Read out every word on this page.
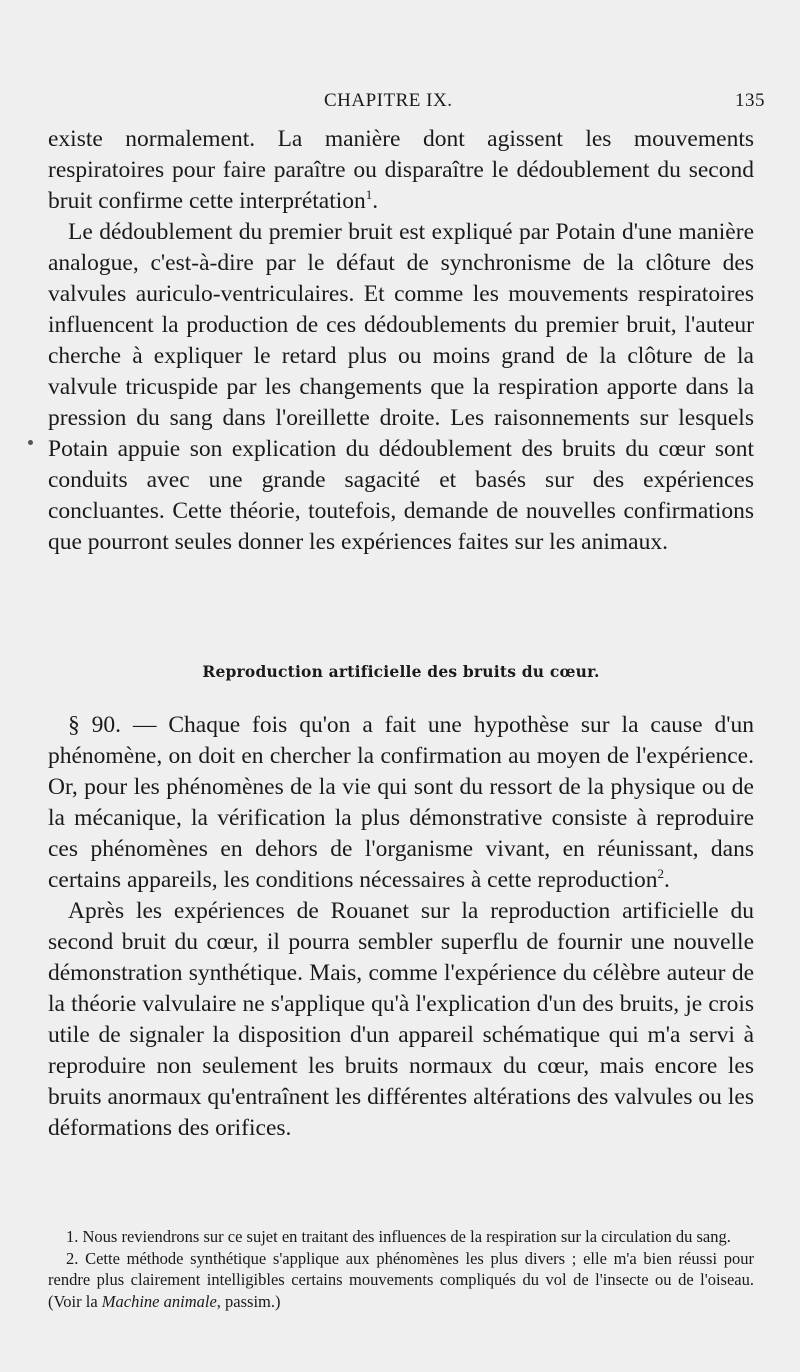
CHAPITRE IX.	135

existe normalement. La manière dont agissent les mouvements respiratoires pour faire paraître ou disparaître le dédoublement du second bruit confirme cette interprétation$^1$.

Le dédoublement du premier bruit est expliqué par Potain d'une manière analogue, c'est-à-dire par le défaut de synchronisme de la clôture des valvules auriculo-ventriculaires. Et comme les mouvements respiratoires influencent la production de ces dédoublements du premier bruit, l'auteur cherche à expliquer le retard plus ou moins grand de la clôture de la valvule tricuspide par les changements que la respiration apporte dans la pression du sang dans l'oreillette droite. Les raisonnements sur lesquels Potain appuie son explication du dédoublement des bruits du cœur sont conduits avec une grande sagacité et basés sur des expériences concluantes. Cette théorie, toutefois, demande de nouvelles confirmations que pourront seules donner les expériences faites sur les animaux.

Reproduction artificielle des bruits du cœur.

§ 90. — Chaque fois qu'on a fait une hypothèse sur la cause d'un phénomène, on doit en chercher la confirmation au moyen de l'expérience. Or, pour les phénomènes de la vie qui sont du ressort de la physique ou de la mécanique, la vérification la plus démonstrative consiste à reproduire ces phénomènes en dehors de l'organisme vivant, en réunissant, dans certains appareils, les conditions nécessaires à cette reproduction$^2$.

Après les expériences de Rouanet sur la reproduction artificielle du second bruit du cœur, il pourra sembler superflu de fournir une nouvelle démonstration synthétique. Mais, comme l'expérience du célèbre auteur de la théorie valvulaire ne s'applique qu'à l'explication d'un des bruits, je crois utile de signaler la disposition d'un appareil schématique qui m'a servi à reproduire non seulement les bruits normaux du cœur, mais encore les bruits anormaux qu'entraînent les différentes altérations des valvules ou les déformations des orifices.

1. Nous reviendrons sur ce sujet en traitant des influences de la respiration sur la circulation du sang.

2. Cette méthode synthétique s'applique aux phénomènes les plus divers ; elle m'a bien réussi pour rendre plus clairement intelligibles certains mouvements compliqués du vol de l'insecte ou de l'oiseau. (Voir la Machine animale, passim.)
